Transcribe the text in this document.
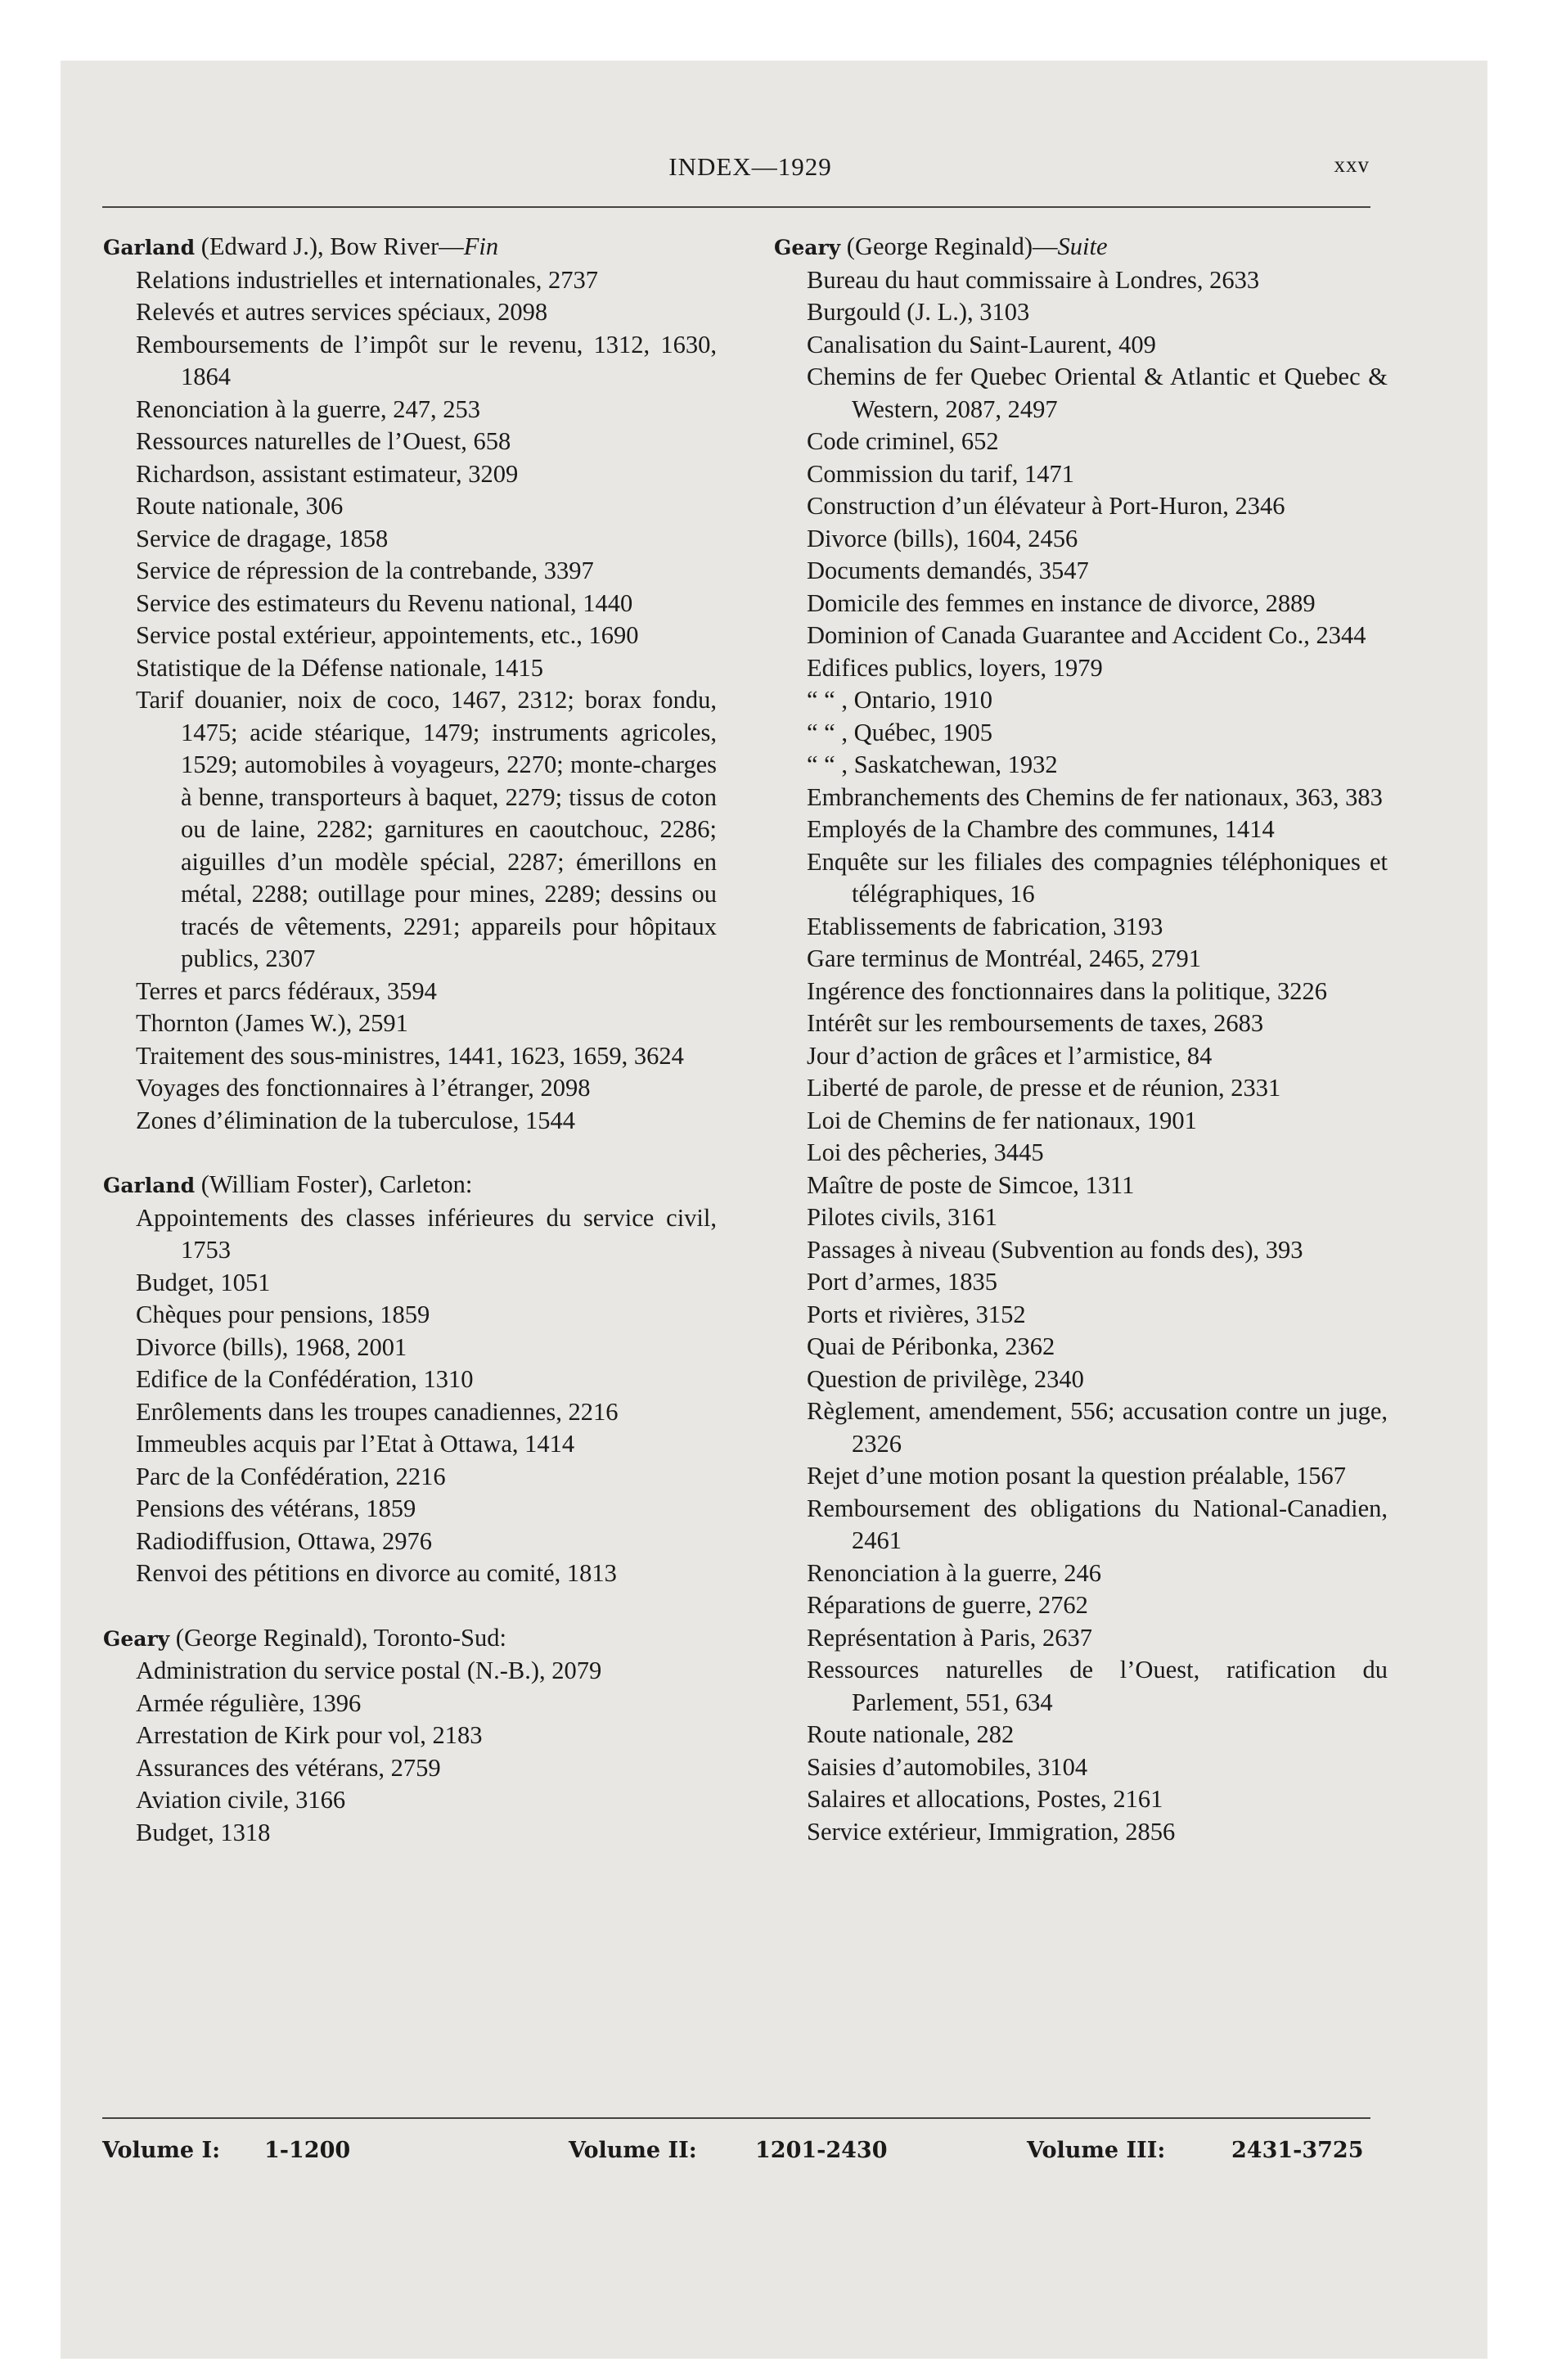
INDEX—1929	xxv
Garland (Edward J.), Bow River—Fin
Relations industrielles et internationales, 2737
Relevés et autres services spéciaux, 2098
Remboursements de l’impôt sur le revenu, 1312, 1630, 1864
Renonciation à la guerre, 247, 253
Ressources naturelles de l’Ouest, 658
Richardson, assistant estimateur, 3209
Route nationale, 306
Service de dragage, 1858
Service de répression de la contrebande, 3397
Service des estimateurs du Revenu national, 1440
Service postal extérieur, appointements, etc., 1690
Statistique de la Défense nationale, 1415
Tarif douanier, noix de coco, 1467, 2312; borax fondu, 1475; acide stéarique, 1479; instruments agricoles, 1529; automobiles à voyageurs, 2270; monte-charges à benne, transporteurs à baquet, 2279; tissus de coton ou de laine, 2282; garnitures en caoutchouc, 2286; aiguilles d’un modèle spécial, 2287; émerillons en métal, 2288; outillage pour mines, 2289; dessins ou tracés de vêtements, 2291; appareils pour hôpitaux publics, 2307
Terres et parcs fédéraux, 3594
Thornton (James W.), 2591
Traitement des sous-ministres, 1441, 1623, 1659, 3624
Voyages des fonctionnaires à l’étranger, 2098
Zones d’élimination de la tuberculose, 1544
Garland (William Foster), Carleton:
Appointements des classes inférieures du service civil, 1753
Budget, 1051
Chèques pour pensions, 1859
Divorce (bills), 1968, 2001
Edifice de la Confédération, 1310
Enrôlements dans les troupes canadiennes, 2216
Immeubles acquis par l’Etat à Ottawa, 1414
Parc de la Confédération, 2216
Pensions des vétérans, 1859
Radiodiffusion, Ottawa, 2976
Renvoi des pétitions en divorce au comité, 1813
Geary (George Reginald), Toronto-Sud:
Administration du service postal (N.-B.), 2079
Armée régulière, 1396
Arrestation de Kirk pour vol, 2183
Assurances des vétérans, 2759
Aviation civile, 3166
Budget, 1318
Geary (George Reginald)—Suite
Bureau du haut commissaire à Londres, 2633
Burgould (J. L.), 3103
Canalisation du Saint-Laurent, 409
Chemins de fer Quebec Oriental & Atlantic et Quebec & Western, 2087, 2497
Code criminel, 652
Commission du tarif, 1471
Construction d’un élévateur à Port-Huron, 2346
Divorce (bills), 1604, 2456
Documents demandés, 3547
Domicile des femmes en instance de divorce, 2889
Dominion of Canada Guarantee and Accident Co., 2344
Edifices publics, loyers, 1979
“ “ , Ontario, 1910
“ “ , Québec, 1905
“ “ , Saskatchewan, 1932
Embranchements des Chemins de fer nationaux, 363, 383
Employés de la Chambre des communes, 1414
Enquête sur les filiales des compagnies téléphoniques et télégraphiques, 16
Etablissements de fabrication, 3193
Gare terminus de Montréal, 2465, 2791
Ingérence des fonctionnaires dans la politique, 3226
Intérêt sur les remboursements de taxes, 2683
Jour d’action de grâces et l’armistice, 84
Liberté de parole, de presse et de réunion, 2331
Loi de Chemins de fer nationaux, 1901
Loi des pêcheries, 3445
Maître de poste de Simcoe, 1311
Pilotes civils, 3161
Passages à niveau (Subvention au fonds des), 393
Port d’armes, 1835
Ports et rivières, 3152
Quai de Péribonka, 2362
Question de privilège, 2340
Règlement, amendement, 556; accusation contre un juge, 2326
Rejet d’une motion posant la question préalable, 1567
Remboursement des obligations du National-Canadien, 2461
Renonciation à la guerre, 246
Réparations de guerre, 2762
Représentation à Paris, 2637
Ressources naturelles de l’Ouest, ratification du Parlement, 551, 634
Route nationale, 282
Saisies d’automobiles, 3104
Salaires et allocations, Postes, 2161
Service extérieur, Immigration, 2856
Volume I: 1-1200	Volume II:	1201-2430	Volume III:	2431-3725
